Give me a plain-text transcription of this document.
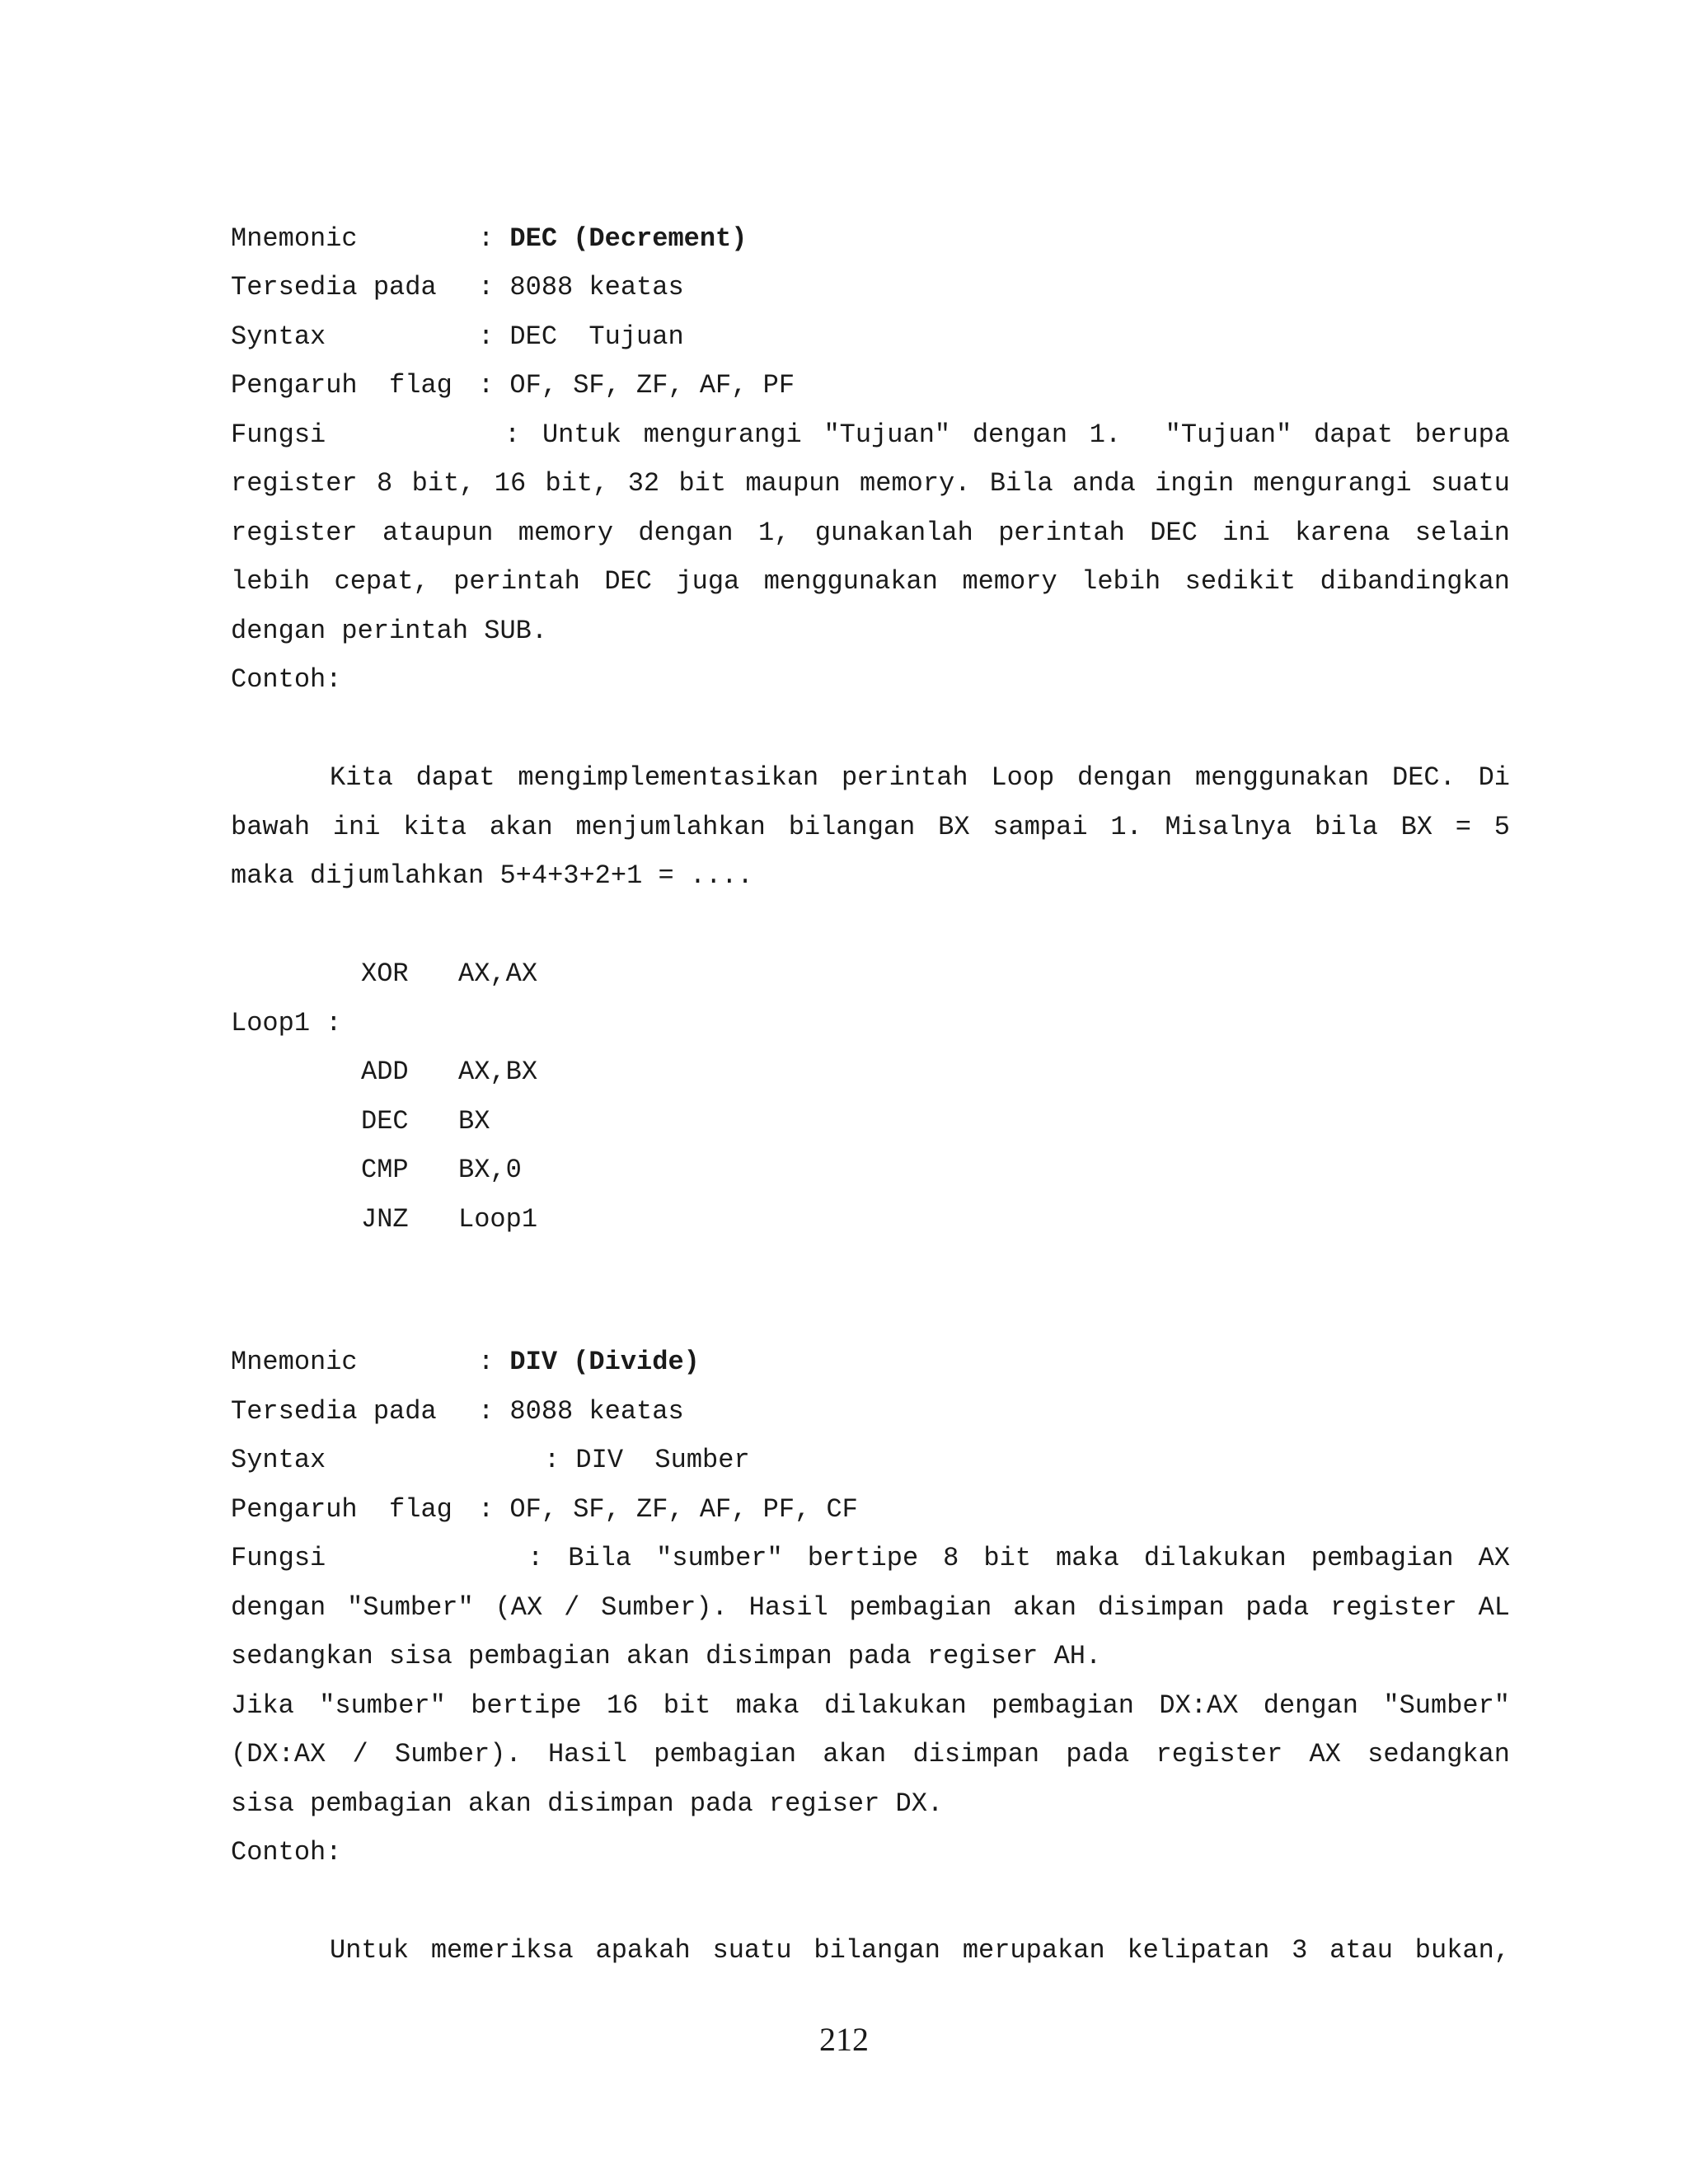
Mnemonic	: DEC (Decrement)
Tersedia pada : 8088 keatas
Syntax	: DEC  Tujuan
Pengaruh  flag : OF, SF, ZF, AF, PF
Fungsi	: Untuk mengurangi "Tujuan" dengan 1.  "Tujuan" dapat berupa
register 8 bit, 16 bit, 32 bit maupun memory. Bila anda ingin mengurangi suatu
register ataupun memory dengan 1, gunakanlah perintah DEC ini karena selain
lebih cepat, perintah DEC juga menggunakan memory lebih sedikit dibandingkan
dengan perintah SUB.
Contoh:
Kita dapat mengimplementasikan perintah Loop dengan menggunakan DEC. Di
bawah ini kita akan menjumlahkan bilangan BX sampai 1. Misalnya bila BX = 5
maka dijumlahkan 5+4+3+2+1 = ....
XOR AX,AX
Loop1 :
ADD AX,BX
DEC BX
CMP BX,0
JNZ Loop1
Mnemonic	: DIV (Divide)
Tersedia pada : 8088 keatas
Syntax	: DIV  Sumber
Pengaruh  flag : OF, SF, ZF, AF, PF, CF
Fungsi	: Bila "sumber" bertipe 8 bit maka dilakukan pembagian AX
dengan "Sumber" (AX / Sumber). Hasil pembagian akan disimpan pada register AL
sedangkan sisa pembagian akan disimpan pada regiser AH.
Jika "sumber" bertipe 16 bit maka dilakukan pembagian DX:AX dengan "Sumber"
(DX:AX / Sumber). Hasil pembagian akan disimpan pada register AX sedangkan
sisa pembagian akan disimpan pada regiser DX.
Contoh:
Untuk memeriksa apakah suatu bilangan merupakan kelipatan 3 atau bukan,
212
